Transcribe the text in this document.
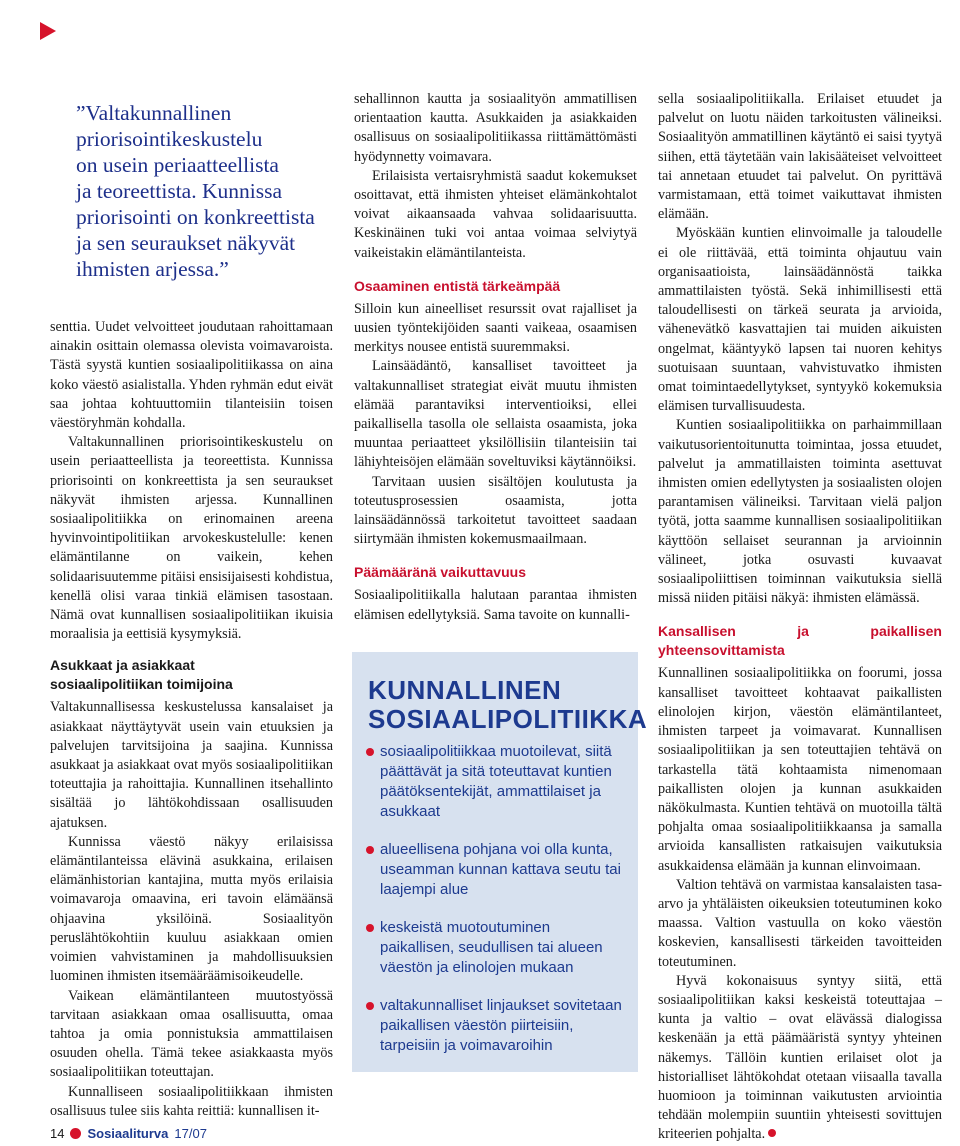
”Valtakunnallinen
priorisointikeskustelu
on usein periaatteellista
ja teoreettista. Kunnissa
priorisointi on konkreettista
ja sen seuraukset näkyvät
ihmisten arjessa.”

senttia. Uudet velvoitteet joudutaan rahoittamaan ainakin osittain olemassa olevista voimavaroista. Tästä syystä kuntien sosiaalipolitiikassa on aina koko väestö asialistalla. Yhden ryhmän edut eivät saa johtaa kohtuuttomiin tilanteisiin toisen väestöryhmän kohdalla.

Valtakunnallinen priorisointikeskustelu on usein periaatteellista ja teoreettista. Kunnissa priorisointi on konkreettista ja sen seuraukset näkyvät ihmisten arjessa. Kunnallinen sosiaalipolitiikka on erinomainen areena hyvinvointipolitiikan arvokeskustelulle: kenen elämäntilanne on vaikein, kehen solidaarisuutemme pitäisi ensisijaisesti kohdistua, kenellä olisi varaa tinkiä elämisen tasostaan. Nämä ovat kunnallisen sosiaalipolitiikan ikuisia moraalisia ja eettisiä kysymyksiä.

Asukkaat ja asiakkaat
sosiaalipolitiikan toimijoina

Valtakunnallisessa keskustelussa kansalaiset ja asiakkaat näyttäytyvät usein vain etuuksien ja palvelujen tarvitsijoina ja saajina. Kunnissa asukkaat ja asiakkaat ovat myös sosiaalipolitiikan toteuttajia ja rahoittajia. Kunnallinen itsehallinto sisältää jo lähtökohdissaan osallisuuden ajatuksen.

Kunnissa väestö näkyy erilaisissa elämäntilanteissa elävinä asukkaina, erilaisen elämänhistorian kantajina, mutta myös erilaisia voimavaroja omaavina, eri tavoin elämäänsä ohjaavina yksilöinä. Sosiaalityön peruslähtökohtiin kuuluu asiakkaan omien voimien vahvistaminen ja mahdollisuuksien luominen ihmisten itsemääräämisoikeudelle.

Vaikean elämäntilanteen muutostyössä tarvitaan asiakkaan omaa osallisuutta, omaa tahtoa ja omia ponnistuksia ammattilaisen osuuden ohella. Tämä tekee asiakkaasta myös sosiaalipolitiikan toteuttajan.

Kunnalliseen sosiaalipolitiikkaan ihmisten osallisuus tulee siis kahta reittiä: kunnallisen it-

sehallinnon kautta ja sosiaalityön ammatillisen orientaation kautta. Asukkaiden ja asiakkaiden osallisuus on sosiaalipolitiikassa riittämättömästi hyödynnetty voimavara.

Erilaisista vertaisryhmistä saadut kokemukset osoittavat, että ihmisten yhteiset elämänkohtalot voivat aikaansaada vahvaa solidaarisuutta. Keskinäinen tuki voi antaa voimaa selviytyä vaikeistakin elämäntilanteista.

Osaaminen entistä tärkeämpää

Silloin kun aineelliset resurssit ovat rajalliset ja uusien työntekijöiden saanti vaikeaa, osaamisen merkitys nousee entistä suuremmaksi.

Lainsäädäntö, kansalliset tavoitteet ja valtakunnalliset strategiat eivät muutu ihmisten elämää parantaviksi interventioiksi, ellei paikallisella tasolla ole sellaista osaamista, joka muuntaa periaatteet yksilöllisiin tilanteisiin tai lähiyhteisöjen elämään soveltuviksi käytännöiksi.

Tarvitaan uusien sisältöjen koulutusta ja toteutusprosessien osaamista, jotta lainsäädännössä tarkoitetut tavoitteet saadaan siirtymään ihmisten kokemusmaailmaan.

Päämääränä vaikuttavuus

Sosiaalipolitiikalla halutaan parantaa ihmisten elämisen edellytyksiä. Sama tavoite on kunnalli-

KUNNALLINEN
SOSIAALIPOLITIIKKA
sosiaalipolitiikkaa muotoilevat, siitä päättävät ja sitä toteuttavat kuntien päätöksentekijät, ammattilaiset ja asukkaat
alueellisena pohjana voi olla kunta, useamman kunnan kattava seutu tai laajempi alue
keskeistä muotoutuminen paikallisen, seudullisen tai alueen väestön ja elinolojen mukaan
valtakunnalliset linjaukset sovitetaan paikallisen väestön piirteisiin, tarpeisiin ja voimavaroihin

sella sosiaalipolitiikalla. Erilaiset etuudet ja palvelut on luotu näiden tarkoitusten välineiksi. Sosiaalityön ammatillinen käytäntö ei saisi tyytyä siihen, että täytetään vain lakisääteiset velvoitteet tai annetaan etuudet tai palvelut. On pyrittävä varmistamaan, että toimet vaikuttavat ihmisten elämään.

Myöskään kuntien elinvoimalle ja taloudelle ei ole riittävää, että toiminta ohjautuu vain organisaatioista, lainsäädännöstä taikka ammattilaisten työstä. Sekä inhimillisesti että taloudellisesti on tärkeä seurata ja arvioida, vähenevätkö kasvattajien tai muiden aikuisten ongelmat, kääntyykö lapsen tai nuoren kehitys suotuisaan suuntaan, vahvistuvatko ihmisten omat toimintaedellytykset, syntyykö kokemuksia elämisen turvallisuudesta.

Kuntien sosiaalipolitiikka on parhaimmillaan vaikutusorientoitunutta toimintaa, jossa etuudet, palvelut ja ammatillaisten toiminta asettuvat ihmisten omien edellytysten ja sosiaalisten olojen parantamisen välineiksi. Tarvitaan vielä paljon työtä, jotta saamme kunnallisen sosiaalipolitiikan käyttöön sellaiset seurannan ja arvioinnin välineet, jotka osuvasti kuvaavat sosiaalipoliittisen toiminnan vaikutuksia siellä missä niiden pitäisi näkyä: ihmisten elämässä.

Kansallisen ja paikallisen yhteensovittamista

Kunnallinen sosiaalipolitiikka on foorumi, jossa kansalliset tavoitteet kohtaavat paikallisten elinolojen kirjon, väestön elämäntilanteet, ihmisten tarpeet ja voimavarat. Kunnallisen sosiaalipolitiikan ja sen toteuttajien tehtävä on tarkastella tätä kohtaamista nimenomaan paikallisten olojen ja kunnan asukkaiden näkökulmasta. Kuntien tehtävä on muotoilla tältä pohjalta omaa sosiaalipolitiikkaansa ja samalla arvioida kansallisten ratkaisujen vaikutuksia asukkaidensa elämään ja kunnan elinvoimaan.

Valtion tehtävä on varmistaa kansalaisten tasa-arvo ja yhtäläisten oikeuksien toteutuminen koko maassa. Valtion vastuulla on koko väestön koskevien, kansallisesti tärkeiden tavoitteiden toteutuminen.

Hyvä kokonaisuus syntyy siitä, että sosiaalipolitiikan kaksi keskeistä toteuttajaa – kunta ja valtio – ovat elävässä dialogissa keskenään ja että päämääristä syntyy yhteinen näkemys. Tällöin kuntien erilaiset olot ja historialliset lähtökohdat otetaan viisaalla tavalla huomioon ja toiminnan vaikutusten arviointia tehdään molempiin suuntiin yhteisesti sovittujen kriteerien pohjalta.

14 Sosiaaliturva 17/07
